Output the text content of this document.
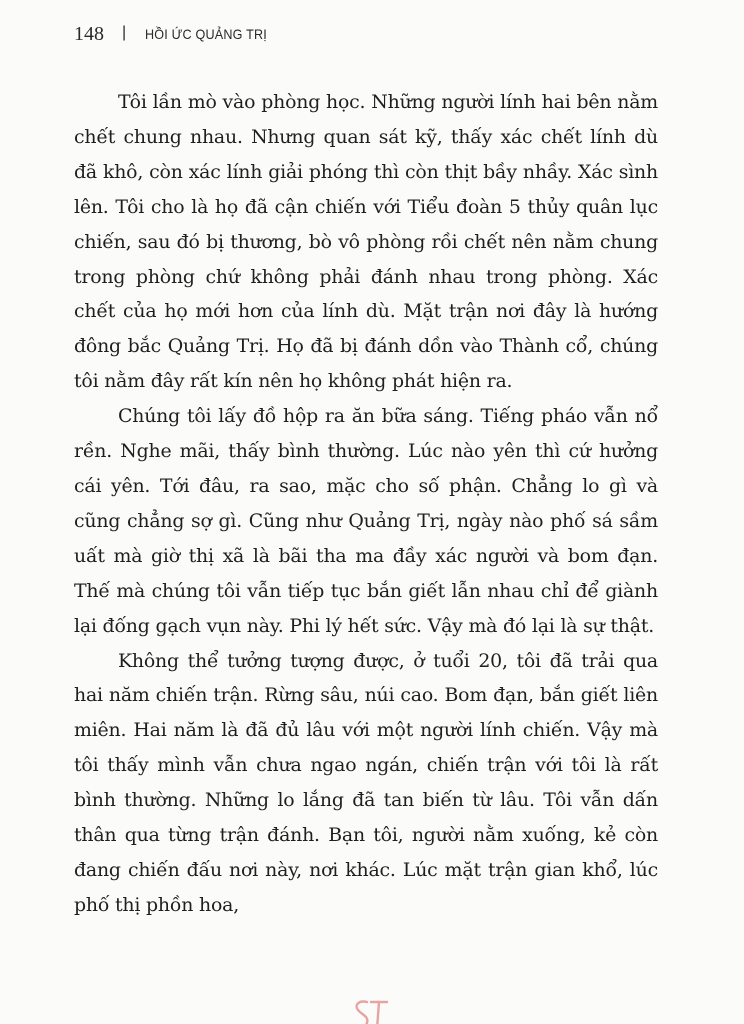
148 | HỒI ỨC QUẢNG TRỊ

Tôi lần mò vào phòng học. Những người lính hai bên nằm chết chung nhau. Nhưng quan sát kỹ, thấy xác chết lính dù đã khô, còn xác lính giải phóng thì còn thịt bầy nhầy. Xác sình lên. Tôi cho là họ đã cận chiến với Tiểu đoàn 5 thủy quân lục chiến, sau đó bị thương, bò vô phòng rồi chết nên nằm chung trong phòng chứ không phải đánh nhau trong phòng. Xác chết của họ mới hơn của lính dù. Mặt trận nơi đây là hướng đông bắc Quảng Trị. Họ đã bị đánh dồn vào Thành cổ, chúng tôi nằm đây rất kín nên họ không phát hiện ra.

Chúng tôi lấy đồ hộp ra ăn bữa sáng. Tiếng pháo vẫn nổ rền. Nghe mãi, thấy bình thường. Lúc nào yên thì cứ hưởng cái yên. Tới đâu, ra sao, mặc cho số phận. Chẳng lo gì và cũng chẳng sợ gì. Cũng như Quảng Trị, ngày nào phố sá sầm uất mà giờ thị xã là bãi tha ma đầy xác người và bom đạn. Thế mà chúng tôi vẫn tiếp tục bắn giết lẫn nhau chỉ để giành lại đống gạch vụn này. Phi lý hết sức. Vậy mà đó lại là sự thật.

Không thể tưởng tượng được, ở tuổi 20, tôi đã trải qua hai năm chiến trận. Rừng sâu, núi cao. Bom đạn, bắn giết liên miên. Hai năm là đã đủ lâu với một người lính chiến. Vậy mà tôi thấy mình vẫn chưa ngao ngán, chiến trận với tôi là rất bình thường. Những lo lắng đã tan biến từ lâu. Tôi vẫn dấn thân qua từng trận đánh. Bạn tôi, người nằm xuống, kẻ còn đang chiến đấu nơi này, nơi khác. Lúc mặt trận gian khổ, lúc phố thị phồn hoa,
